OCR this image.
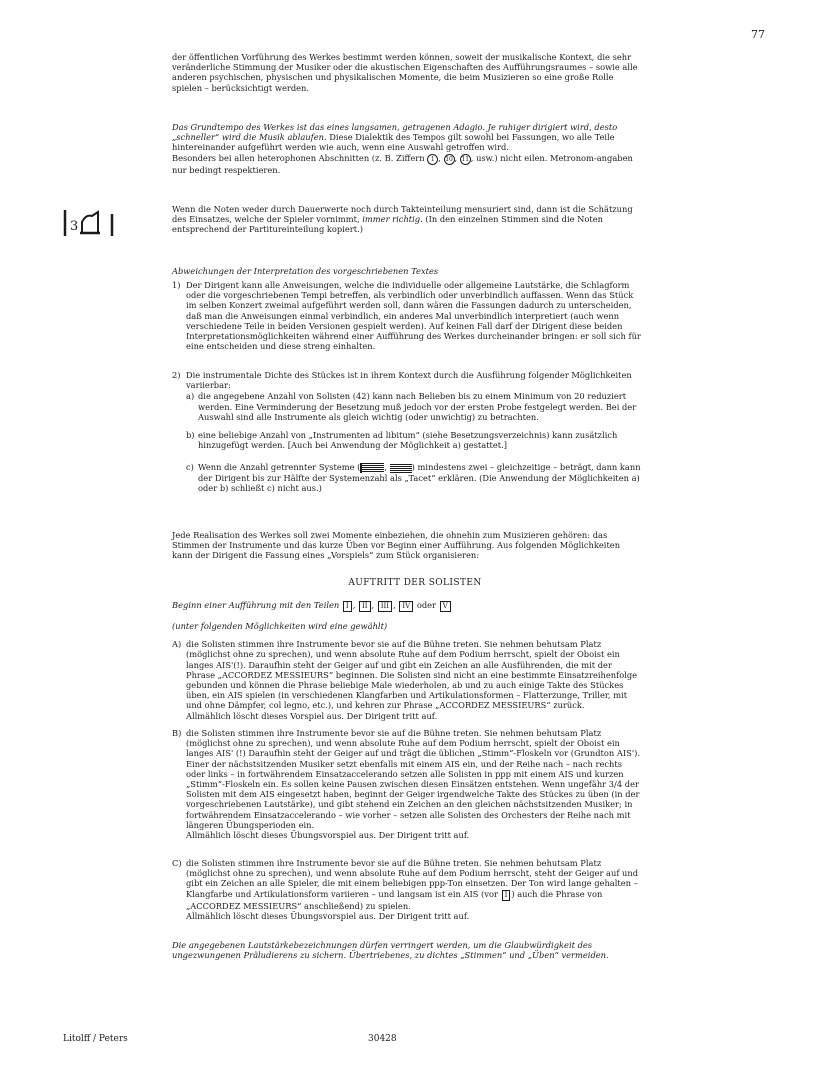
77

der öffentlichen Vorführung des Werkes bestimmt werden können, soweit der musikalische Kontext, die sehr veränderliche Stimmung der Musiker oder die akustischen Eigenschaften des Aufführungsraumes – sowie alle anderen psychischen, physischen und physikalischen Momente, die beim Musizieren so eine große Rolle spielen – berücksichtigt werden.

Das Grundtempo des Werkes ist das eines langsamen, getragenen Adagio. Je ruhiger dirigiert wird, desto „schneller“ wird die Musik ablaufen. Diese Dialektik des Tempos gilt sowohl bei Fassungen, wo alle Teile hintereinander aufgeführt werden wie auch, wenn eine Auswahl getroffen wird.

Besonders bei allen heterophonen Abschnitten (z. B. Ziffern 1 , 10 , 11 , usw.) nicht eilen. Metronom-angaben nur bedingt respektieren.

3

Wenn die Noten weder durch Dauerwerte noch durch Takteinteilung mensuriert sind, dann ist die Schätzung des Einsatzes, welche der Spieler vornimmt, immer richtig. (In den einzelnen Stimmen sind die Noten entsprechend der Partitureinteilung kopiert.)

Abweichungen der Interpretation des vorgeschriebenen Textes
1) Der Dirigent kann alle Anweisungen, welche die individuelle oder allgemeine Lautstärke, die Schlagform oder die vorgeschriebenen Tempi betreffen, als verbindlich oder unverbindlich auffassen. Wenn das Stück im selben Konzert zweimal aufgeführt werden soll, dann wären die Fassungen dadurch zu unterscheiden, daß man die Anweisungen einmal verbindlich, ein anderes Mal unverbindlich interpretiert (auch wenn verschiedene Teile in beiden Versionen gespielt werden). Auf keinen Fall darf der Dirigent diese beiden Interpretationsmöglichkeiten während einer Aufführung des Werkes durcheinander bringen: er soll sich für eine entscheiden und diese streng einhalten.
2) Die instrumentale Dichte des Stückes ist in ihrem Kontext durch die Ausführung folgender Möglichkeiten variierbar:
a) die angegebene Anzahl von Solisten (42) kann nach Belieben bis zu einem Minimum von 20 reduziert werden. Eine Verminderung der Besetzung muß jedoch vor der ersten Probe festgelegt werden. Bei der Auswahl sind alle Instrumente als gleich wichtig (oder unwichtig) zu betrachten.
b) eine beliebige Anzahl von „Instrumenten ad libitum“ (siehe Besetzungsverzeichnis) kann zusätzlich hinzugefügt werden. [Auch bei Anwendung der Möglichkeit a) gestattet.]
c) Wenn die Anzahl getrennter Systeme (	,	) mindestens zwei – gleichzeitige – beträgt, dann kann der Dirigent bis zur Hälfte der Systemenzahl als „Tacet“ erklären. (Die Anwendung der Möglichkeiten a) oder b) schließt c) nicht aus.)

Jede Realisation des Werkes soll zwei Momente einbeziehen, die ohnehin zum Musizieren gehören: das Stimmen der Instrumente und das kurze Üben vor Beginn einer Aufführung. Aus folgenden Möglichkeiten kann der Dirigent die Fassung eines „Vorspiels“ zum Stück organisieren:

AUFTRITT DER SOLISTEN

Beginn einer Aufführung mit den Teilen I , II , III , IV oder V

(unter folgenden Möglichkeiten wird eine gewählt)

A) die Solisten stimmen ihre Instrumente bevor sie auf die Bühne treten. Sie nehmen behutsam Platz (möglichst ohne zu sprechen), und wenn absolute Ruhe auf dem Podium herrscht, spielt der Oboist ein langes AIS'(!). Daraufhin steht der Geiger auf und gibt ein Zeichen an alle Ausführenden, die mit der Phrase „ACCORDEZ MESSIEURS“ beginnen. Die Solisten sind nicht an eine bestimmte Einsatzreihenfolge gebunden und können die Phrase beliebige Male wiederholen, ab und zu auch einige Takte des Stückes üben, ein AIS spielen (in verschiedenen Klangfarben und Artikulationsformen – Flatterzunge, Triller, mit und ohne Dämpfer, col legno, etc.), und kehren zur Phrase „ACCORDEZ MESSIEURS“ zurück.
Allmählich löscht dieses Vorspiel aus. Der Dirigent tritt auf.
B) die Solisten stimmen ihre Instrumente bevor sie auf die Bühne treten. Sie nehmen behutsam Platz (möglichst ohne zu sprechen), und wenn absolute Ruhe auf dem Podium herrscht, spielt der Oboist ein langes AIS' (!) Daraufhin steht der Geiger auf und trägt die üblichen „Stimm“-Floskeln vor (Grundton AIS'). Einer der nächstsitzenden Musiker setzt ebenfalls mit einem AIS ein, und der Reihe nach – nach rechts oder links – in fortwährendem Einsatzaccelerando setzen alle Solisten in ppp mit einem AIS und kurzen „Stimm“-Floskeln ein. Es sollen keine Pausen zwischen diesen Einsätzen entstehen. Wenn ungefähr 3/4 der Solisten mit dem AIS eingesetzt haben, beginnt der Geiger irgendwelche Takte des Stückes zu üben (in der vorgeschriebenen Lautstärke), und gibt stehend ein Zeichen an den gleichen nächstsitzenden Musiker; in fortwährendem Einsatzaccelerando – wie vorher – setzen alle Solisten des Orchesters der Reihe nach mit längeren Übungsperioden ein.
Allmählich löscht dieses Übungsvorspiel aus. Der Dirigent tritt auf.
C) die Solisten stimmen ihre Instrumente bevor sie auf die Bühne treten. Sie nehmen behutsam Platz (möglichst ohne zu sprechen), und wenn absolute Ruhe auf dem Podium herrscht, steht der Geiger auf und gibt ein Zeichen an alle Spieler, die mit einem beliebigen ppp-Ton einsetzen. Der Ton wird lange gehalten – Klangfarbe und Artikulationsform variieren – und langsam ist ein AIS (vor I ) auch die Phrase von „ACCORDEZ MESSIEURS“ anschließend) zu spielen.
Allmählich löscht dieses Übungsvorspiel aus. Der Dirigent tritt auf.
Die angegebenen Lautstärkebezeichnungen dürfen verringert werden, um die Glaubwürdigkeit des ungezwungenen Präludierens zu sichern. Übertriebenes, zu dichtes „Stimmen“ und „Üben“ vermeiden.
Litolff / Peters	30428
